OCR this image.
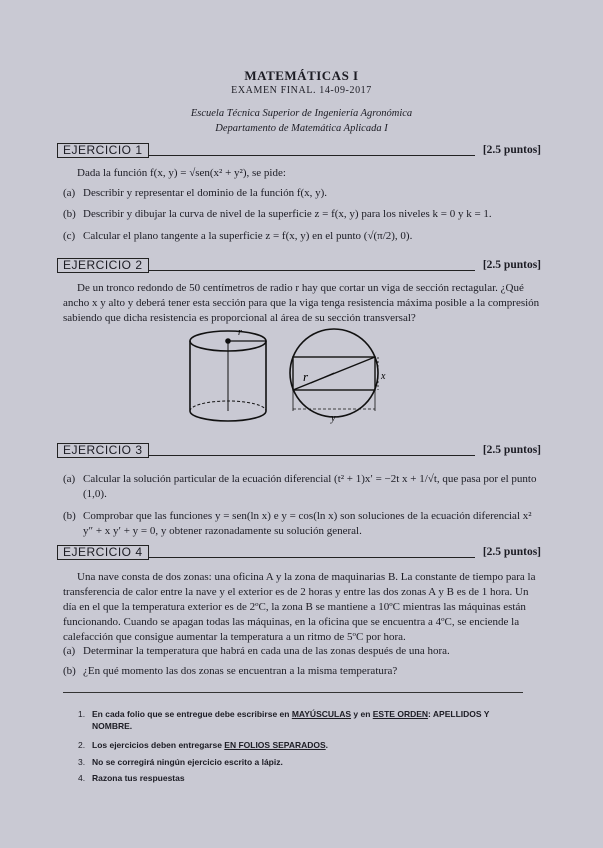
MATEMÁTICAS I
EXAMEN FINAL. 14-09-2017
Escuela Técnica Superior de Ingeniería Agronómica
Departamento de Matemática Aplicada I
EJERCICIO 1	[2.5 puntos]
Dada la función f(x, y) = √sen(x² + y²), se pide:
(a) Describir y representar el dominio de la función f(x, y).
(b) Describir y dibujar la curva de nivel de la superficie z = f(x, y) para los niveles k = 0 y k = 1.
(c) Calcular el plano tangente a la superficie z = f(x, y) en el punto (√(π/2), 0).
EJERCICIO 2	[2.5 puntos]
De un tronco redondo de 50 centímetros de radio r hay que cortar un viga de sección rectagular. ¿Qué ancho x y alto y deberá tener esta sección para que la viga tenga resistencia máxima posible a la compresión sabiendo que dicha resistencia es proporcional al área de su sección transversal?
r
r	x
y
EJERCICIO 3	[2.5 puntos]
(a) Calcular la solución particular de la ecuación diferencial (t² + 1)x′ = −2t x + 1/√t, que pasa por el punto (1,0).
(b) Comprobar que las funciones y = sen(ln x) e y = cos(ln x) son soluciones de la ecuación diferencial x² y″ + x y′ + y = 0, y obtener razonadamente su solución general.
EJERCICIO 4	[2.5 puntos]
Una nave consta de dos zonas: una oficina A y la zona de maquinarias B. La constante de tiempo para la transferencia de calor entre la nave y el exterior es de 2 horas y entre las dos zonas A y B es de 1 hora. Un día en el que la temperatura exterior es de 2ºC, la zona B se mantiene a 10ºC mientras las máquinas están funcionando. Cuando se apagan todas las máquinas, en la oficina que se encuentra a 4ºC, se enciende la calefacción que consigue aumentar la temperatura a un ritmo de 5ºC por hora.
(a) Determinar la temperatura que habrá en cada una de las zonas después de una hora.
(b) ¿En qué momento las dos zonas se encuentran a la misma temperatura?
1. En cada folio que se entregue debe escribirse en MAYÚSCULAS y en ESTE ORDEN: APELLIDOS Y NOMBRE.
2. Los ejercicios deben entregarse EN FOLIOS SEPARADOS.
3. No se corregirá ningún ejercicio escrito a lápiz.
4. Razona tus respuestas
